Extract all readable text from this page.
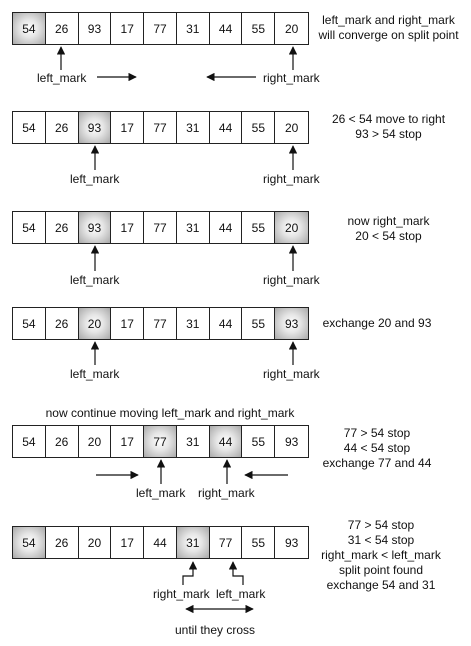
54	26	93	17	77	31	44	55	20
left_mark and right_mark
will converge on split point
left_mark	right_mark
54	26	93	17	77	31	44	55	20
26 < 54 move to right
93 > 54 stop
left_mark	right_mark
54	26	93	17	77	31	44	55	20	now right_mark
20 < 54 stop
left_mark	right_mark
54	26	20	17	77	31	44	55	93	exchange 20 and 93
left_mark	right_mark
now continue moving left_mark and right_mark
54	26	20	17	77	31	44	55	93
77 > 54 stop
44 < 54 stop
exchange 77 and 44
left_mark right_mark
54	26	20	17	44	31	77	55	93
77 > 54 stop
31 < 54 stop
right_mark < left_mark
split point found
exchange 54 and 31
right_mark left_mark
until they cross
